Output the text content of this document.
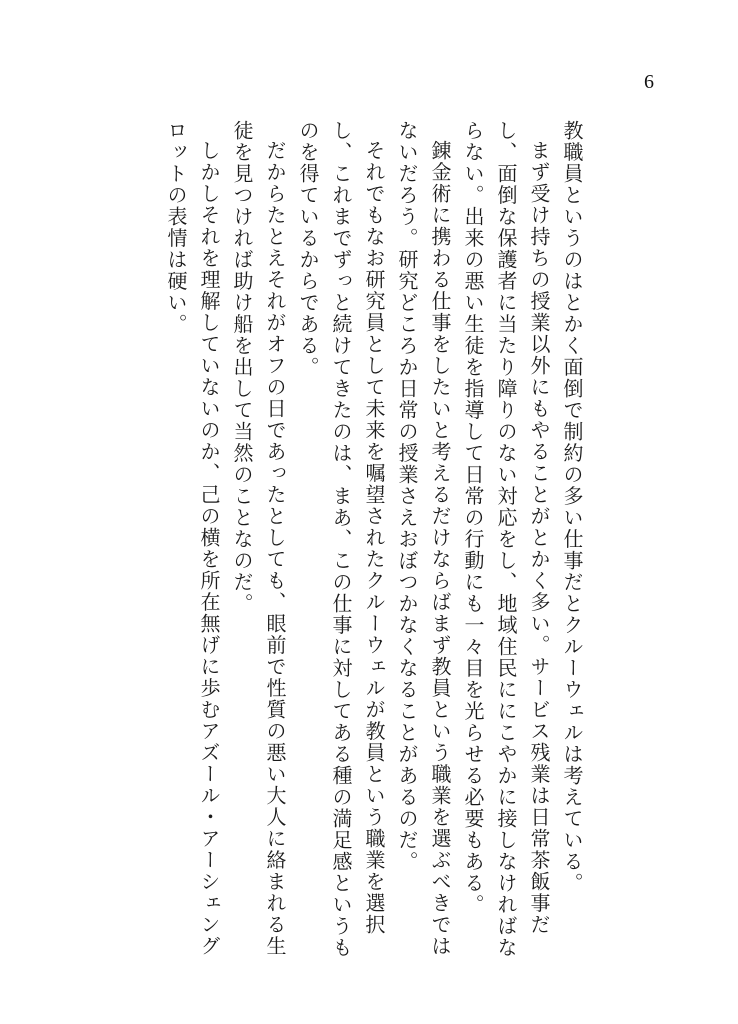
6

教職員というのはとかく面倒で制約の多い仕事だとクルーウェルは考えている。

まず受け持ちの授業以外にもやることがとかく多い。サービス残業は日常茶飯事だし、面倒な保護者に当たり障りのない対応をし、地域住民ににこやかに接しなければならない。出来の悪い生徒を指導して日常の行動にも一々目を光らせる必要もある。

錬金術に携わる仕事をしたいと考えるだけならばまず教員という職業を選ぶべきではないだろう。研究どころか日常の授業さえおぼつかなくなることがあるのだ。

それでもなお研究員として未来を嘱望されたクルーウェルが教員という職業を選択し、これまでずっと続けてきたのは、まあ、この仕事に対してある種の満足感というものを得ているからである。

だからたとえそれがオフの日であったとしても、眼前で性質の悪い大人に絡まれる生徒を見つければ助け船を出して当然のことなのだ。

しかしそれを理解していないのか、己の横を所在無げに歩むアズール・アーシェングロットの表情は硬い。
